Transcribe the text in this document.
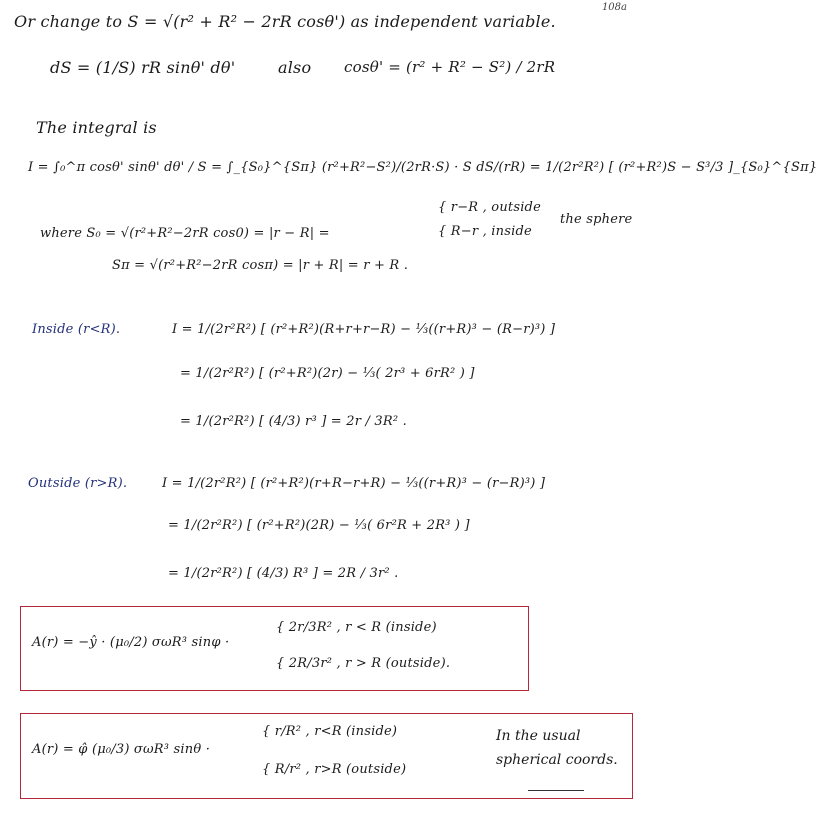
108a
Or change to S = √(r² + R² − 2rR cosθ') as independent variable.
dS = (1/S) rR sinθ' dθ'	also cosθ' = (r² + R² − S²) / 2rR
The integral is
I = ∫₀^π cosθ' sinθ' dθ' / S = ∫_{S₀}^{Sπ} (r²+R²−S²)/(2rR·S) · S dS/(rR) = 1/(2r²R²) [ (r²+R²)S − S³/3 ]_{S₀}^{Sπ}
where S₀ = √(r²+R²−2rR cos0) = |r − R| =
{ r−R , outside
{ R−r , inside
the sphere
Sπ = √(r²+R²−2rR cosπ) = |r + R| = r + R .
Inside (r<R).	I = 1/(2r²R²) [ (r²+R²)(R+r+r−R) − ⅓((r+R)³ − (R−r)³) ]
= 1/(2r²R²) [ (r²+R²)(2r) − ⅓( 2r³ + 6rR² ) ]
= 1/(2r²R²) [ (4/3) r³ ] = 2r / 3R² .
Outside (r>R).	I = 1/(2r²R²) [ (r²+R²)(r+R−r+R) − ⅓((r+R)³ − (r−R)³) ]
= 1/(2r²R²) [ (r²+R²)(2R) − ⅓( 6r²R + 2R³ ) ]
= 1/(2r²R²) [ (4/3) R³ ] = 2R / 3r² .
A(r) = −ŷ · (μ₀/2) σωR³ sinφ ·
{ 2r/3R² , r < R (inside)
{ 2R/3r² , r > R (outside).
A(r) = φ̂ (μ₀/3) σωR³ sinθ ·
{ r/R² , r<R (inside)
{ R/r² , r>R (outside)
In the usual
spherical coords.
